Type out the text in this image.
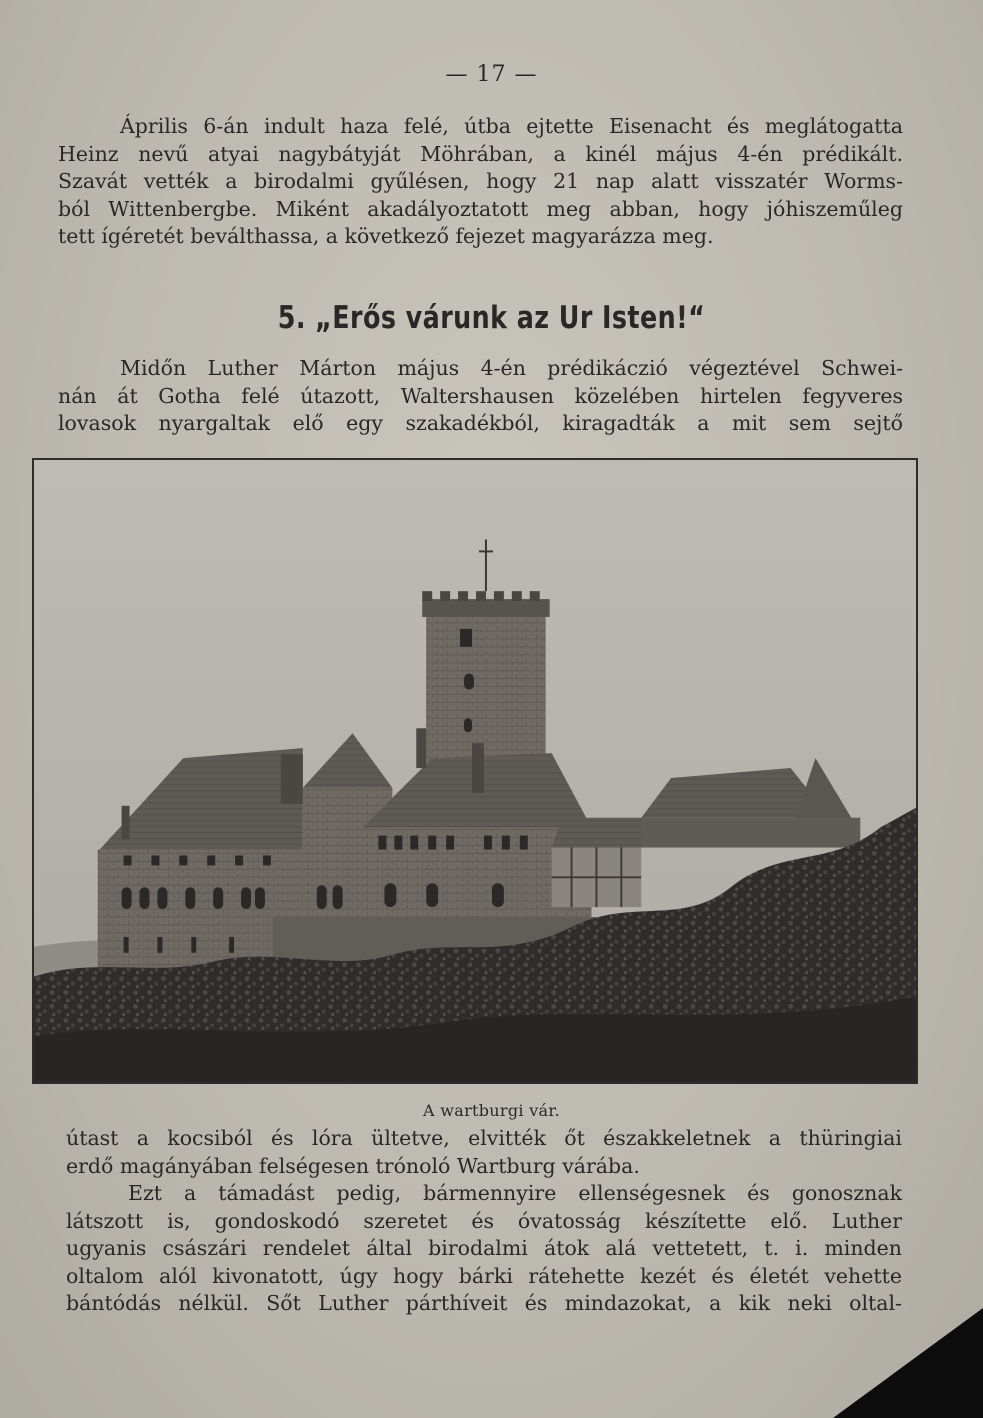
— 17 —
Április 6-án indult haza felé, útba ejtette Eisenacht és meglátogatta
Heinz nevű atyai nagybátyját Möhrában, a kinél május 4-én prédikált.
Szavát vették a birodalmi gyűlésen, hogy 21 nap alatt visszatér Worms-
ból Wittenbergbe. Miként akadályoztatott meg abban, hogy jóhiszeműleg
tett ígéretét beválthassa, a következő fejezet magyarázza meg.
5. „Erős várunk az Ur Isten!“
Midőn Luther Márton május 4-én prédikáczió végeztével Schwei-
nán át Gotha felé útazott, Waltershausen közelében hirtelen fegyveres
lovasok nyargaltak elő egy szakadékból, kiragadták a mit sem sejtő
A wartburgi vár.
útast a kocsiból és lóra ültetve, elvitték őt északkeletnek a thüringiai
erdő magányában felségesen trónoló Wartburg várába.
Ezt a támadást pedig, bármennyire ellenségesnek és gonosznak
látszott is, gondoskodó szeretet és óvatosság készítette elő. Luther
ugyanis császári rendelet által birodalmi átok alá vettetett, t. i. minden
oltalom alól kivonatott, úgy hogy bárki rátehette kezét és életét vehette
bántódás nélkül. Sőt Luther párthíveit és mindazokat, a kik neki oltal-
